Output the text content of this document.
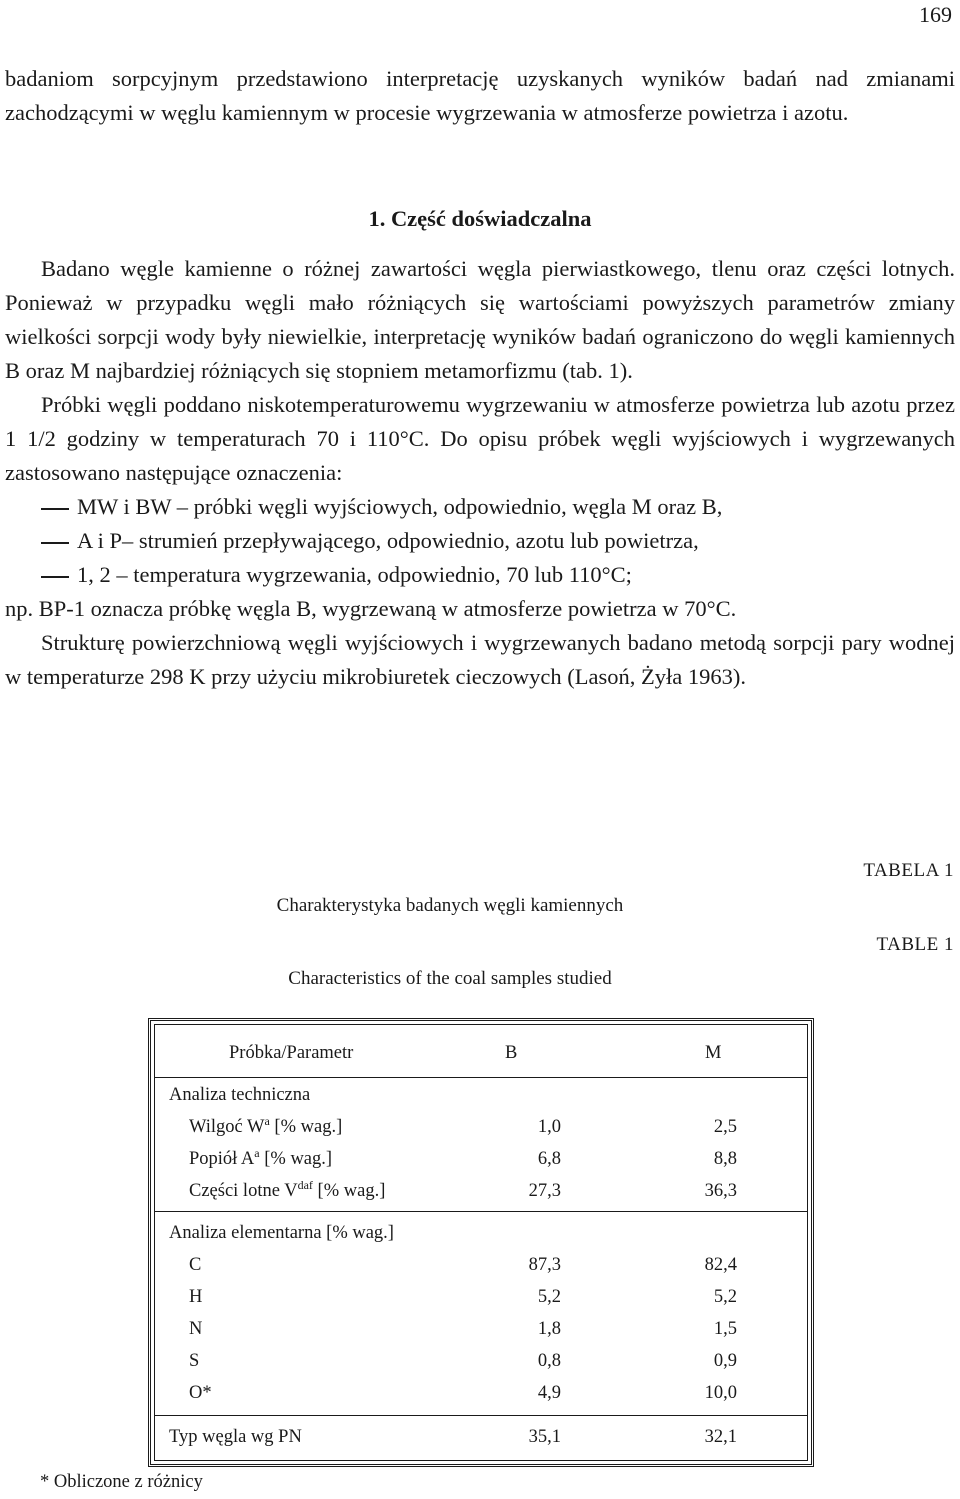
169

badaniom sorpcyjnym przedstawiono interpretację uzyskanych wyników badań nad zmianami zachodzącymi w węglu kamiennym w procesie wygrzewania w atmosferze powietrza i azotu.

1. Część doświadczalna

Badano węgle kamienne o różnej zawartości węgla pierwiastkowego, tlenu oraz części lotnych. Ponieważ w przypadku węgli mało różniących się wartościami powyższych parametrów zmiany wielkości sorpcji wody były niewielkie, interpretację wyników badań ograniczono do węgli kamiennych B oraz M najbardziej różniących się stopniem metamorfizmu (tab. 1).

Próbki węgli poddano niskotemperaturowemu wygrzewaniu w atmosferze powietrza lub azotu przez 1 1/2 godziny w temperaturach 70 i 110°C. Do opisu próbek węgli wyjściowych i wygrzewanych zastosowano następujące oznaczenia:

MW i BW – próbki węgli wyjściowych, odpowiednio, węgla M oraz B,

A i P– strumień przepływającego, odpowiednio, azotu lub powietrza,

1, 2 – temperatura wygrzewania, odpowiednio, 70 lub 110°C;

np. BP-1 oznacza próbkę węgla B, wygrzewaną w atmosferze powietrza w 70°C.

Strukturę powierzchniową węgli wyjściowych i wygrzewanych badano metodą sorpcji pary wodnej w temperaturze 298 K przy użyciu mikrobiuretek cieczowych (Lasoń, Żyła 1963).

TABELA 1
Charakterystyka badanych węgli kamiennych
TABLE 1
Characteristics of the coal samples studied
Próbka/Parametr	B	M
Analiza techniczna
Wilgoć $W^a$ [% wag.]	1,0	2,5
Popiół $A^a$ [% wag.]	6,8	8,8
Części lotne $V^{daf}$ [% wag.]	27,3	36,3
Analiza elementarna [% wag.]
C	87,3	82,4
H	5,2	5,2
N	1,8	1,5
S	0,8	0,9
O*	4,9	10,0
Typ węgla wg PN	35,1	32,1
* Obliczone z różnicy
